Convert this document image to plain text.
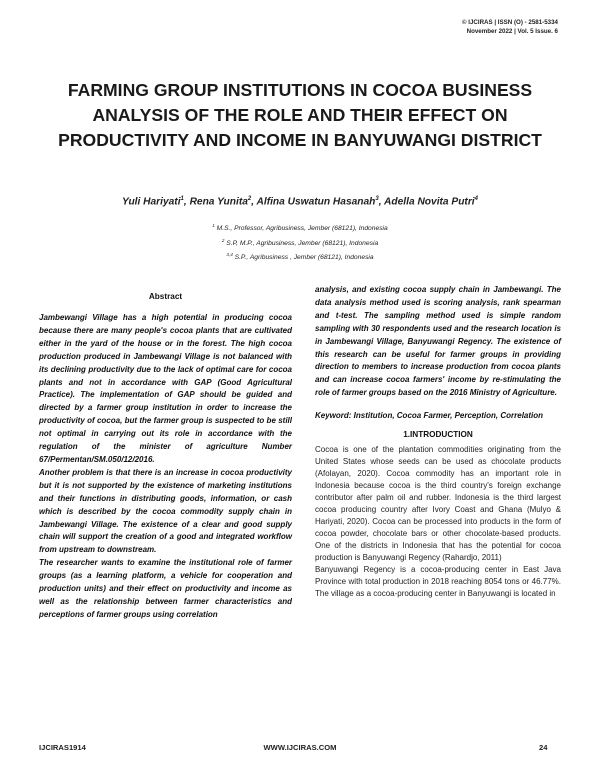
© IJCIRAS | ISSN (O) - 2581-5334
November 2022 | Vol. 5 Issue. 6
FARMING GROUP INSTITUTIONS IN COCOA BUSINESS ANALYSIS OF THE ROLE AND THEIR EFFECT ON PRODUCTIVITY AND INCOME IN BANYUWANGI DISTRICT
Yuli Hariyati$^1$, Rena Yunita$^2$, Alfina Uswatun Hasanah$^3$, Adella Novita Putri$^4$
$^1$ M.S., Professor, Agribusiness, Jember (68121), Indonesia
$^2$ S.P, M.P., Agribusiness, Jember (68121), Indonesia
$^{3,4}$ S.P., Agribusiness , Jember (68121), Indonesia
Abstract

Jambewangi Village has a high potential in producing cocoa because there are many people's cocoa plants that are cultivated either in the yard of the house or in the forest. The high cocoa production produced in Jambewangi Village is not balanced with its declining productivity due to the lack of optimal care for cocoa plants and not in accordance with GAP (Good Agricultural Practice). The implementation of GAP should be guided and directed by a farmer group institution in order to increase the productivity of cocoa, but the farmer group is suspected to be still not optimal in carrying out its role in accordance with the regulation of the minister of agriculture Number 67/Permentan/SM.050/12/2016.

Another problem is that there is an increase in cocoa productivity but it is not supported by the existence of marketing institutions and their functions in distributing goods, information, or cash which is described by the cocoa commodity supply chain in Jambewangi Village. The existence of a clear and good supply chain will support the creation of a good and integrated workflow from upstream to downstream.

The researcher wants to examine the institutional role of farmer groups (as a learning platform, a vehicle for cooperation and production units) and their effect on productivity and income as well as the relationship between farmer characteristics and perceptions of farmer groups using correlation

analysis, and existing cocoa supply chain in Jambewangi. The data analysis method used is scoring analysis, rank spearman and t-test. The sampling method used is simple random sampling with 30 respondents used and the research location is in Jambewangi Village, Banyuwangi Regency. The existence of this research can be useful for farmer groups in providing direction to members to increase production from cocoa plants and can increase cocoa farmers' income by re-stimulating the role of farmer groups based on the 2016 Ministry of Agriculture.

Keyword: Institution, Cocoa Farmer, Perception, Correlation

1.INTRODUCTION

Cocoa is one of the plantation commodities originating from the United States whose seeds can be used as chocolate products (Afolayan, 2020). Cocoa commodity has an important role in Indonesia because cocoa is the third country's foreign exchange contributor after palm oil and rubber. Indonesia is the third largest cocoa producing country after Ivory Coast and Ghana (Mulyo & Hariyati, 2020). Cocoa can be processed into products in the form of cocoa powder, chocolate bars or other chocolate-based products. One of the districts in Indonesia that has the potential for cocoa production is Banyuwangi Regency (Rahardjo, 2011)

Banyuwangi Regency is a cocoa-producing center in East Java Province with total production in 2018 reaching 8054 tons or 46.77%. The village as a cocoa-producing center in Banyuwangi is located in

IJCIRAS1914	WWW.IJCIRAS.COM	24
